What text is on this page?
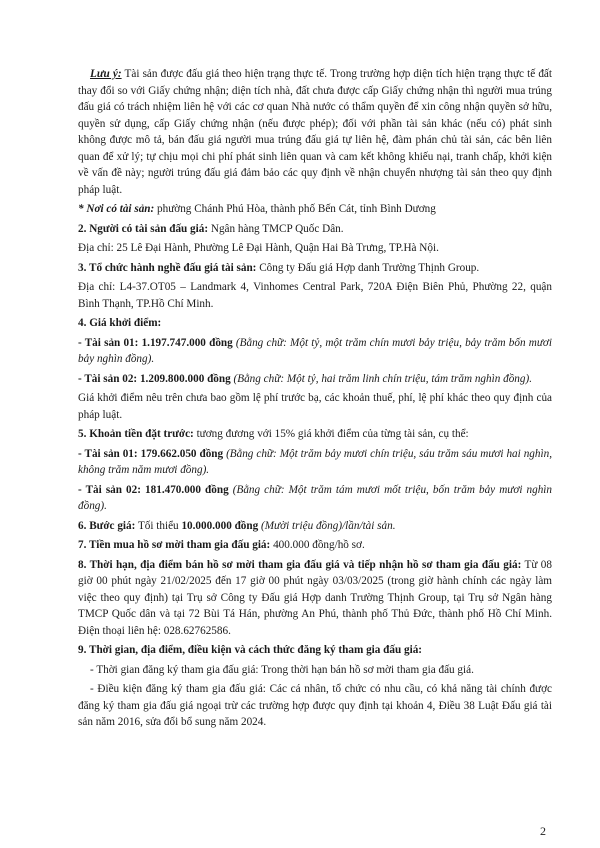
Lưu ý: Tài sản được đấu giá theo hiện trạng thực tế. Trong trường hợp diện tích hiện trạng thực tế đất thay đổi so với Giấy chứng nhận; diện tích nhà, đất chưa được cấp Giấy chứng nhận thì người mua trúng đấu giá có trách nhiệm liên hệ với các cơ quan Nhà nước có thẩm quyền để xin công nhận quyền sở hữu, quyền sử dụng, cấp Giấy chứng nhận (nếu được phép); đối với phần tài sản khác (nếu có) phát sinh không được mô tả, bán đấu giá người mua trúng đấu giá tự liên hệ, đàm phán chủ tài sản, các bên liên quan để xử lý; tự chịu mọi chi phí phát sinh liên quan và cam kết không khiếu nại, tranh chấp, khởi kiện về vấn đề này; người trúng đấu giá đảm bảo các quy định về nhận chuyển nhượng tài sản theo quy định pháp luật.

* Nơi có tài sản: phường Chánh Phú Hòa, thành phố Bến Cát, tỉnh Bình Dương

2. Người có tài sản đấu giá: Ngân hàng TMCP Quốc Dân.

Địa chỉ: 25 Lê Đại Hành, Phường Lê Đại Hành, Quận Hai Bà Trưng, TP.Hà Nội.

3. Tổ chức hành nghề đấu giá tài sản: Công ty Đấu giá Hợp danh Trường Thịnh Group.

Địa chỉ: L4-37.OT05 – Landmark 4, Vinhomes Central Park, 720A Điện Biên Phủ, Phường 22, quận Bình Thạnh, TP.Hồ Chí Minh.

4. Giá khởi điểm:

- Tài sản 01: 1.197.747.000 đồng (Bằng chữ: Một tỷ, một trăm chín mươi bảy triệu, bảy trăm bốn mươi bảy nghìn đồng).

- Tài sản 02: 1.209.800.000 đồng (Bằng chữ: Một tỷ, hai trăm linh chín triệu, tám trăm nghìn đồng).

Giá khởi điểm nêu trên chưa bao gồm lệ phí trước bạ, các khoản thuế, phí, lệ phí khác theo quy định của pháp luật.

5. Khoản tiền đặt trước: tương đương với 15% giá khởi điểm của từng tài sản, cụ thể:

- Tài sản 01: 179.662.050 đồng (Bằng chữ: Một trăm bảy mươi chín triệu, sáu trăm sáu mươi hai nghìn, không trăm năm mươi đồng).

- Tài sản 02: 181.470.000 đồng (Bằng chữ: Một trăm tám mươi mốt triệu, bốn trăm bảy mươi nghìn đồng).

6. Bước giá: Tối thiểu 10.000.000 đồng (Mười triệu đồng)/lần/tài sản.

7. Tiền mua hồ sơ mời tham gia đấu giá: 400.000 đồng/hồ sơ.

8. Thời hạn, địa điểm bán hồ sơ mời tham gia đấu giá và tiếp nhận hồ sơ tham gia đấu giá: Từ 08 giờ 00 phút ngày 21/02/2025 đến 17 giờ 00 phút ngày 03/03/2025 (trong giờ hành chính các ngày làm việc theo quy định) tại Trụ sở Công ty Đấu giá Hợp danh Trường Thịnh Group, tại Trụ sở Ngân hàng TMCP Quốc dân và tại 72 Bùi Tá Hán, phường An Phú, thành phố Thủ Đức, thành phố Hồ Chí Minh. Điện thoại liên hệ: 028.62762586.

9. Thời gian, địa điểm, điều kiện và cách thức đăng ký tham gia đấu giá:

- Thời gian đăng ký tham gia đấu giá: Trong thời hạn bán hồ sơ mời tham gia đấu giá.

- Điều kiện đăng ký tham gia đấu giá: Các cá nhân, tổ chức có nhu cầu, có khả năng tài chính được đăng ký tham gia đấu giá ngoại trừ các trường hợp được quy định tại khoản 4, Điều 38 Luật Đấu giá tài sản năm 2016, sửa đổi bổ sung năm 2024.

2
